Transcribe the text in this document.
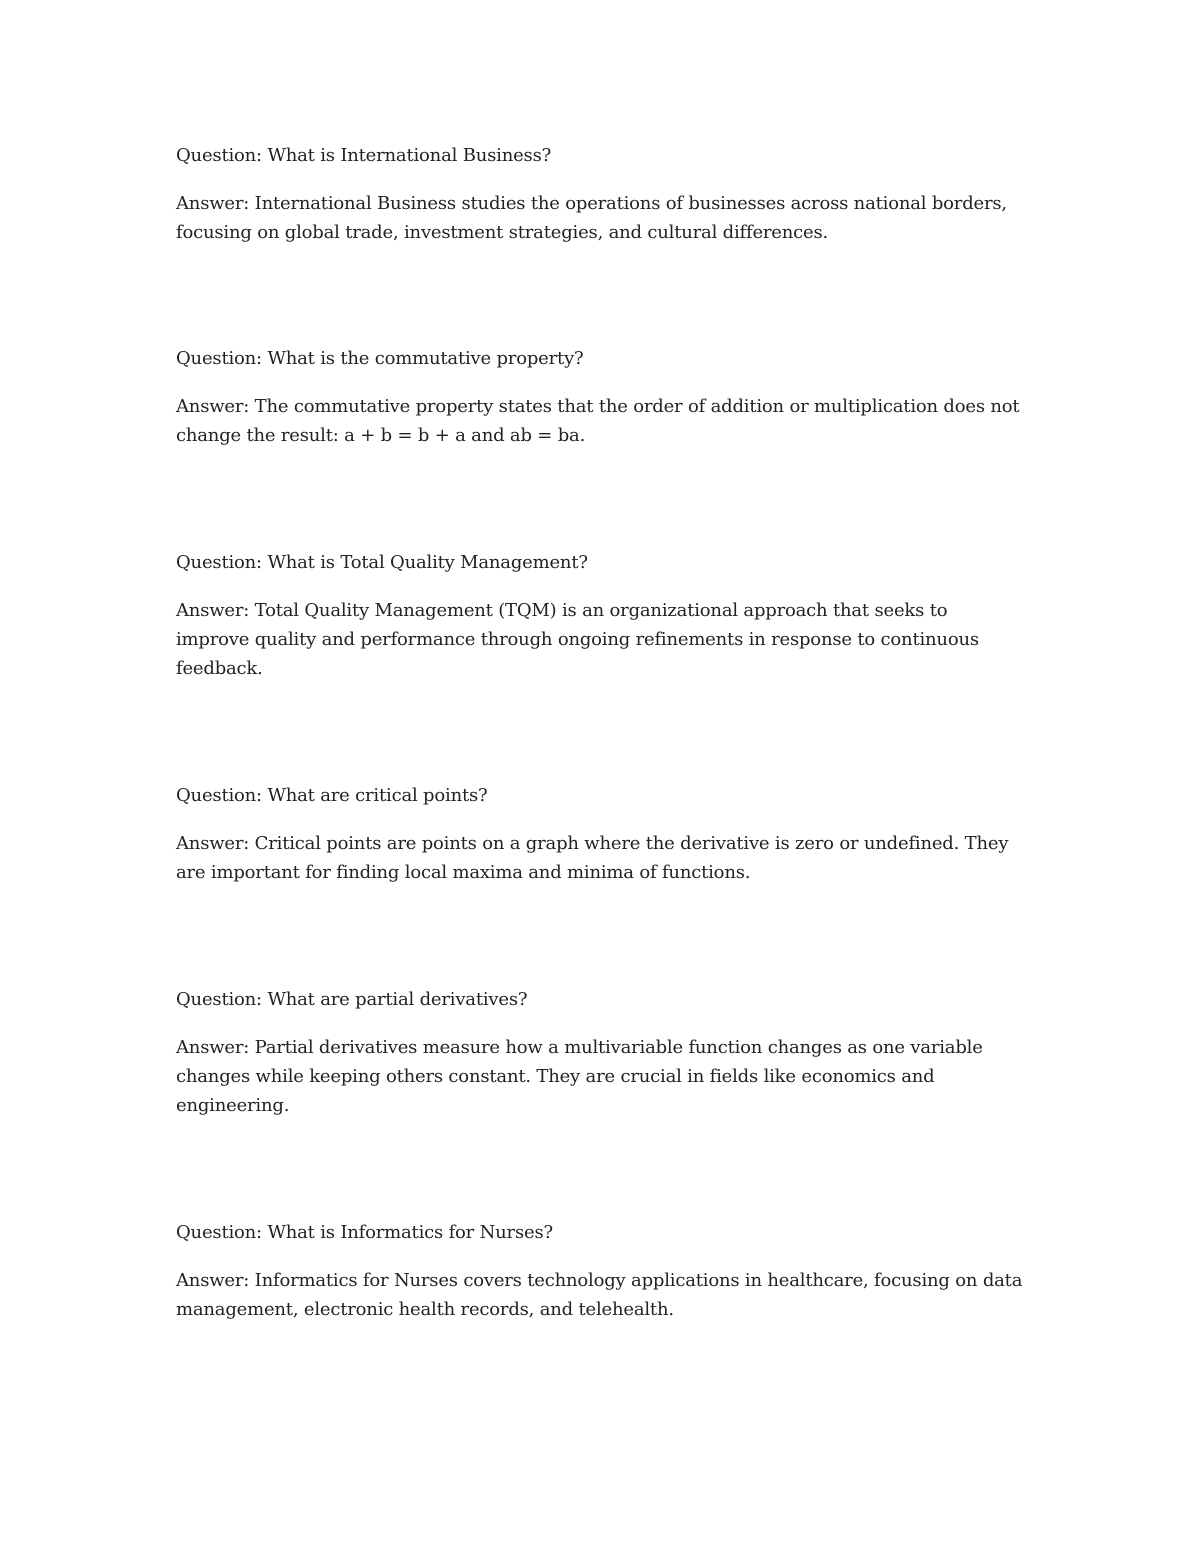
Question: What is International Business?

Answer: International Business studies the operations of businesses across national borders, focusing on global trade, investment strategies, and cultural differences.

Question: What is the commutative property?

Answer: The commutative property states that the order of addition or multiplication does not change the result: a + b = b + a and ab = ba.

Question: What is Total Quality Management?

Answer: Total Quality Management (TQM) is an organizational approach that seeks to improve quality and performance through ongoing refinements in response to continuous feedback.

Question: What are critical points?

Answer: Critical points are points on a graph where the derivative is zero or undefined. They are important for finding local maxima and minima of functions.

Question: What are partial derivatives?

Answer: Partial derivatives measure how a multivariable function changes as one variable changes while keeping others constant. They are crucial in fields like economics and engineering.

Question: What is Informatics for Nurses?

Answer: Informatics for Nurses covers technology applications in healthcare, focusing on data management, electronic health records, and telehealth.
